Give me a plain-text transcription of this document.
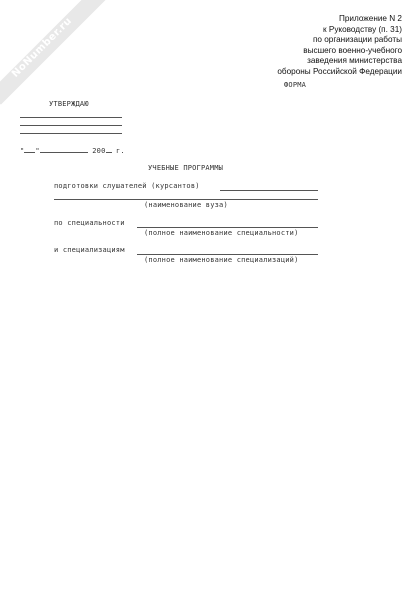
NoNumber.ru	Приложение N 2
к Руководству (п. 31)
по организации работы
высшего военно-учебного
заведения министерства
обороны Российской Федерации
ФОРМА
УТВЕРЖДАЮ
" "	200 г.
УЧЕБНЫЕ ПРОГРАММЫ
подготовки слушателей (курсантов)
(наименование вуза)
по специальности
(полное наименование специальности)
и специализациям
(полное наименование специализаций)
